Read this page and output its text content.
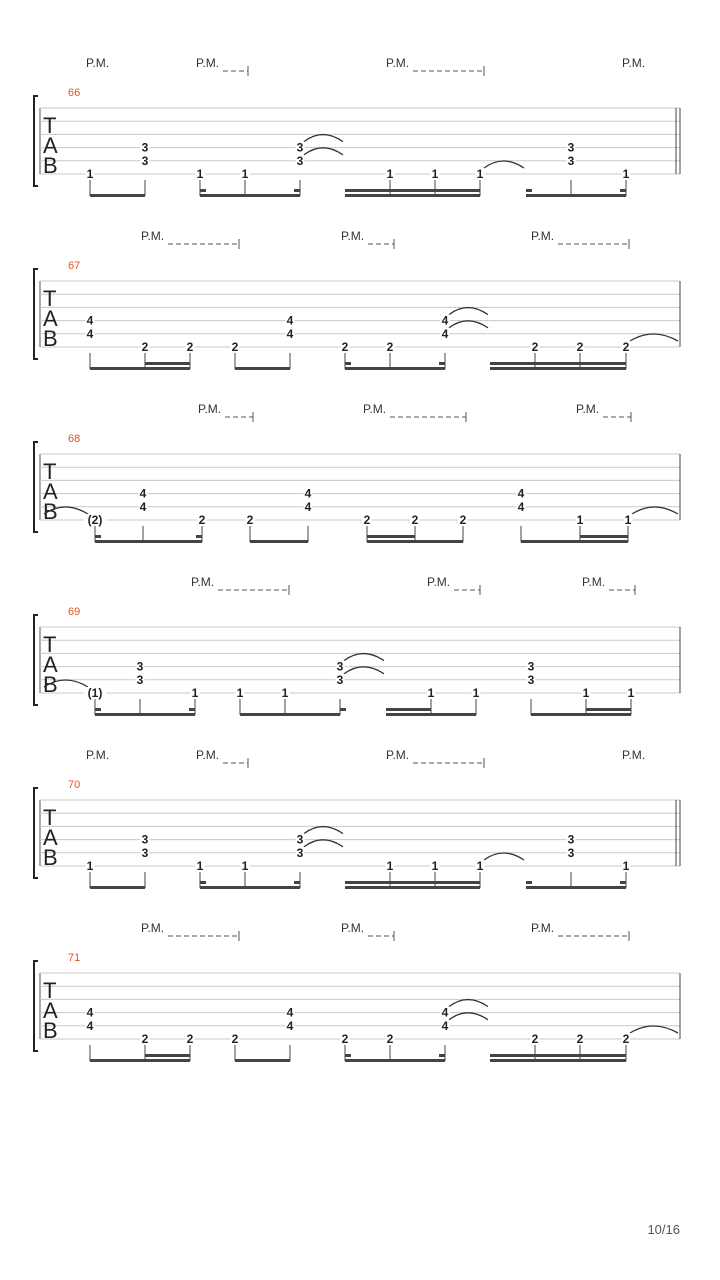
T
A
B
66
P.M.	P.M.	P.M.	P.M.
1
3
3
1	1
3
3
1	1	1
3
3
1
T
A
B
67
P.M.	P.M.	P.M.
4
4
2	2	2
4
4
2	2
4
4
2	2	2
T
A
B
68
P.M.	P.M.	P.M.
(2)
4
4
2	2
4
4
2	2	2
4
4
1	1
T
A
B
69
P.M.	P.M.	P.M.
(1)
3
3
1	1	1
3
3
1	1
3
3
1	1
T
A
B
70
P.M.	P.M.	P.M.	P.M.
1
3
3
1	1
3
3
1	1	1
3
3
1
T
A
B
71
P.M.	P.M.	P.M.
4
4
2	2	2
4
4
2	2
4
4
2	2	2
10/16
